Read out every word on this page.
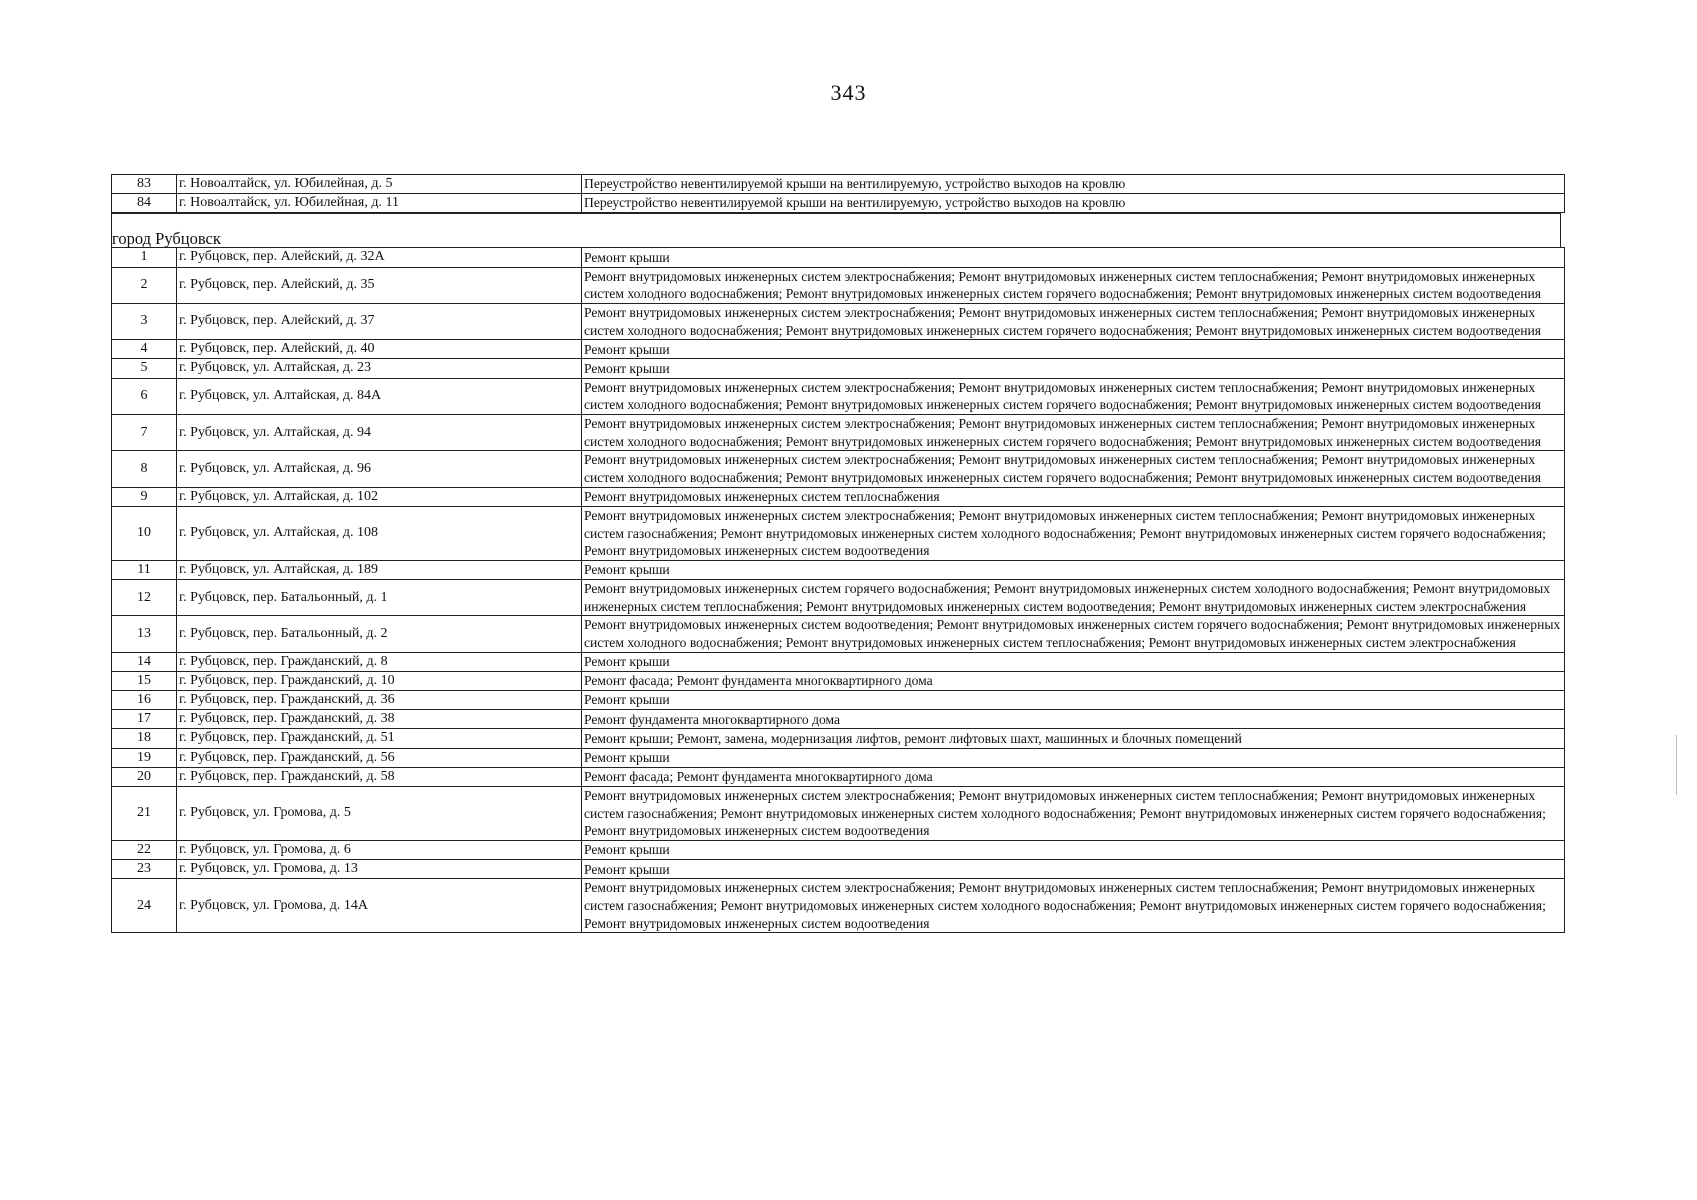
343
83	г. Новоалтайск, ул. Юбилейная, д. 5	Переустройство невентилируемой крыши на вентилируемую, устройство выходов на кровлю
84	г. Новоалтайск, ул. Юбилейная, д. 11	Переустройство невентилируемой крыши на вентилируемую, устройство выходов на кровлю
город Рубцовск
1	г. Рубцовск, пер. Алейский, д. 32А	Ремонт крыши
2	г. Рубцовск, пер. Алейский, д. 35	Ремонт внутридомовых инженерных систем электроснабжения; Ремонт внутридомовых инженерных систем теплоснабжения; Ремонт внутридомовых инженерных систем холодного водоснабжения; Ремонт внутридомовых инженерных систем горячего водоснабжения; Ремонт внутридомовых инженерных систем водоотведения
3	г. Рубцовск, пер. Алейский, д. 37	Ремонт внутридомовых инженерных систем электроснабжения; Ремонт внутридомовых инженерных систем теплоснабжения; Ремонт внутридомовых инженерных систем холодного водоснабжения; Ремонт внутридомовых инженерных систем горячего водоснабжения; Ремонт внутридомовых инженерных систем водоотведения
4	г. Рубцовск, пер. Алейский, д. 40	Ремонт крыши
5	г. Рубцовск, ул. Алтайская, д. 23	Ремонт крыши
6	г. Рубцовск, ул. Алтайская, д. 84А	Ремонт внутридомовых инженерных систем электроснабжения; Ремонт внутридомовых инженерных систем теплоснабжения; Ремонт внутридомовых инженерных систем холодного водоснабжения; Ремонт внутридомовых инженерных систем горячего водоснабжения; Ремонт внутридомовых инженерных систем водоотведения
7	г. Рубцовск, ул. Алтайская, д. 94	Ремонт внутридомовых инженерных систем электроснабжения; Ремонт внутридомовых инженерных систем теплоснабжения; Ремонт внутридомовых инженерных систем холодного водоснабжения; Ремонт внутридомовых инженерных систем горячего водоснабжения; Ремонт внутридомовых инженерных систем водоотведения
8	г. Рубцовск, ул. Алтайская, д. 96	Ремонт внутридомовых инженерных систем электроснабжения; Ремонт внутридомовых инженерных систем теплоснабжения; Ремонт внутридомовых инженерных систем холодного водоснабжения; Ремонт внутридомовых инженерных систем горячего водоснабжения; Ремонт внутридомовых инженерных систем водоотведения
9	г. Рубцовск, ул. Алтайская, д. 102	Ремонт внутридомовых инженерных систем теплоснабжения
10	г. Рубцовск, ул. Алтайская, д. 108	Ремонт внутридомовых инженерных систем электроснабжения; Ремонт внутридомовых инженерных систем теплоснабжения; Ремонт внутридомовых инженерных систем газоснабжения; Ремонт внутридомовых инженерных систем холодного водоснабжения; Ремонт внутридомовых инженерных систем горячего водоснабжения; Ремонт внутридомовых инженерных систем водоотведения
11	г. Рубцовск, ул. Алтайская, д. 189	Ремонт крыши
12	г. Рубцовск, пер. Батальонный, д. 1	Ремонт внутридомовых инженерных систем горячего водоснабжения; Ремонт внутридомовых инженерных систем холодного водоснабжения; Ремонт внутридомовых инженерных систем теплоснабжения; Ремонт внутридомовых инженерных систем водоотведения; Ремонт внутридомовых инженерных систем электроснабжения
13	г. Рубцовск, пер. Батальонный, д. 2	Ремонт внутридомовых инженерных систем водоотведения; Ремонт внутридомовых инженерных систем горячего водоснабжения; Ремонт внутридомовых инженерных систем холодного водоснабжения; Ремонт внутридомовых инженерных систем теплоснабжения; Ремонт внутридомовых инженерных систем электроснабжения
14	г. Рубцовск, пер. Гражданский, д. 8	Ремонт крыши
15	г. Рубцовск, пер. Гражданский, д. 10	Ремонт фасада; Ремонт фундамента многоквартирного дома
16	г. Рубцовск, пер. Гражданский, д. 36	Ремонт крыши
17	г. Рубцовск, пер. Гражданский, д. 38	Ремонт фундамента многоквартирного дома
18	г. Рубцовск, пер. Гражданский, д. 51	Ремонт крыши; Ремонт, замена, модернизация лифтов, ремонт лифтовых шахт, машинных и блочных помещений
19	г. Рубцовск, пер. Гражданский, д. 56	Ремонт крыши
20	г. Рубцовск, пер. Гражданский, д. 58	Ремонт фасада; Ремонт фундамента многоквартирного дома
21	г. Рубцовск, ул. Громова, д. 5	Ремонт внутридомовых инженерных систем электроснабжения; Ремонт внутридомовых инженерных систем теплоснабжения; Ремонт внутридомовых инженерных систем газоснабжения; Ремонт внутридомовых инженерных систем холодного водоснабжения; Ремонт внутридомовых инженерных систем горячего водоснабжения; Ремонт внутридомовых инженерных систем водоотведения
22	г. Рубцовск, ул. Громова, д. 6	Ремонт крыши
23	г. Рубцовск, ул. Громова, д. 13	Ремонт крыши
24	г. Рубцовск, ул. Громова, д. 14А	Ремонт внутридомовых инженерных систем электроснабжения; Ремонт внутридомовых инженерных систем теплоснабжения; Ремонт внутридомовых инженерных систем газоснабжения; Ремонт внутридомовых инженерных систем холодного водоснабжения; Ремонт внутридомовых инженерных систем горячего водоснабжения; Ремонт внутридомовых инженерных систем водоотведения
